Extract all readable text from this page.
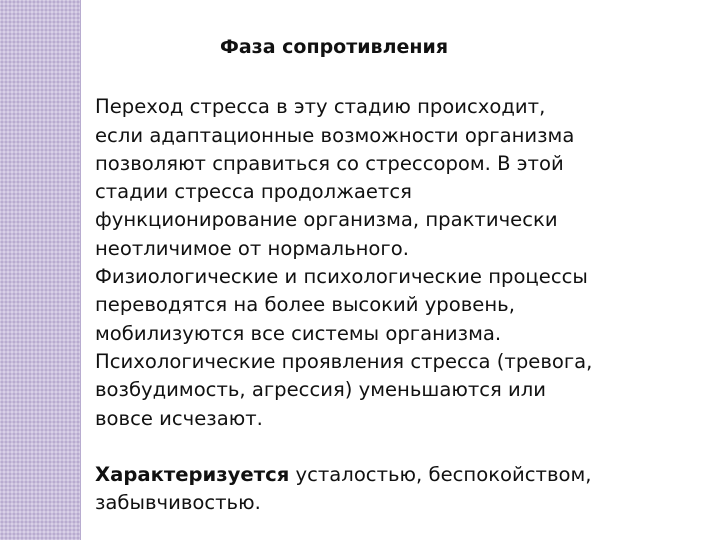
Фаза сопротивления

Переход стресса в эту стадию происходит,
если адаптационные возможности организма
позволяют справиться со стрессором. В этой
стадии стресса продолжается
функционирование организма, практически
неотличимое от нормального.
Физиологические и психологические процессы
переводятся на более высокий уровень,
мобилизуются все системы организма.
Психологические проявления стресса (тревога,
возбудимость, агрессия) уменьшаются или
вовсе исчезают.

Характеризуется усталостью, беспокойством,
забывчивостью.
